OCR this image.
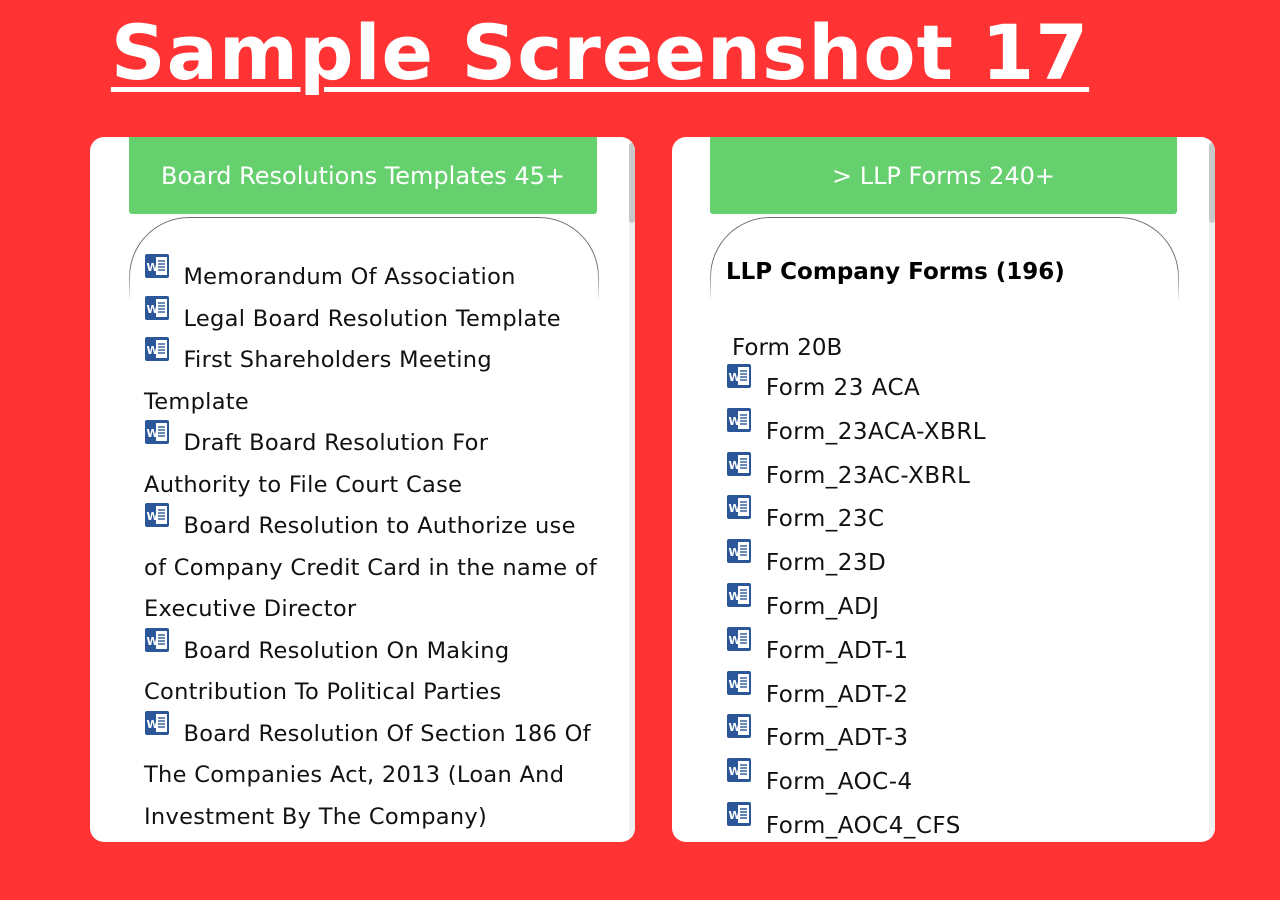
Sample Screenshot 17
Board Resolutions Templates 45+
W Memorandum Of Association
W Legal Board Resolution Template
W First Shareholders Meeting Template
W Draft Board Resolution For Authority to File Court Case
W Board Resolution to Authorize use of Company Credit Card in the name of Executive Director
W Board Resolution On Making Contribution To Political Parties
W Board Resolution Of Section 186 Of The Companies Act, 2013 (Loan And Investment By The Company)
> LLP Forms 240+
LLP Company Forms (196)
Form 20B
W Form 23 ACA
W Form_23ACA-XBRL
W Form_23AC-XBRL
W Form_23C
W Form_23D
W Form_ADJ
W Form_ADT-1
W Form_ADT-2
W Form_ADT-3
W Form_AOC-4
W Form_AOC4_CFS
